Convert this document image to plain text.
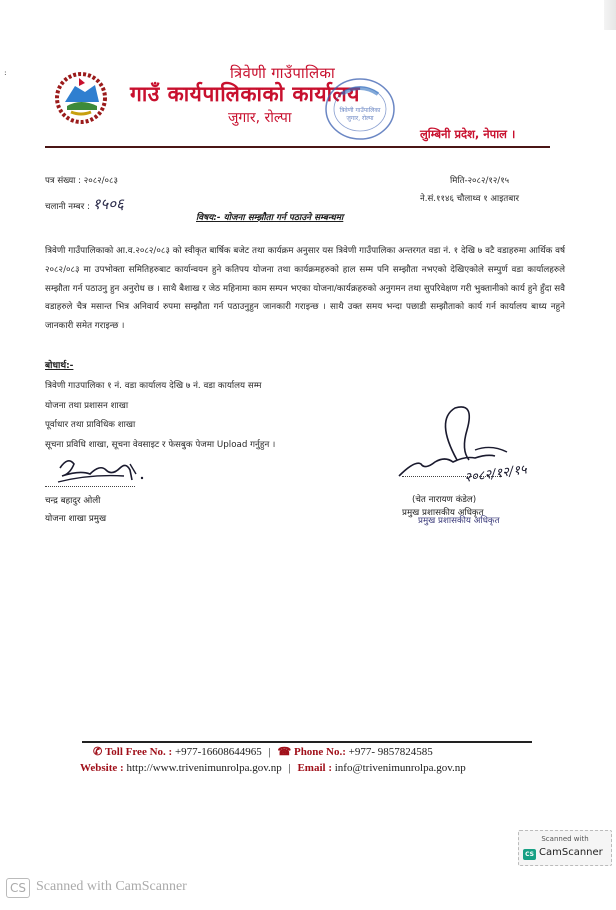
:	त्रिवेणी गाउँपालिका
गाउँ कार्यपालिकाको कार्यालय
जुगार, रोल्पा	त्रिवेणी गाउँपालिका
जुगार, रोल्पा
लुम्बिनी प्रदेश, नेपाल ।
पत्र संख्या : २०८२/०८३
चलानी नम्बर : १५०६
मिति-२०८२/१२/१५
ने.सं.११४६ चौलाथ्व १ आइतबार
विषय:- योजना सम्झौता गर्न पठाउने सम्बन्धमा
त्रिवेणी गाउँपालिकाको आ.व.२०८२/०८३ को स्वीकृत बार्षिक बजेट तथा कार्यक्रम अनुसार यस त्रिवेणी गाउँपालिका अन्तरगत वडा नं. १ देखि ७ वटै वडाहरुमा आर्थिक वर्ष २०८२/०८३ मा उपभोक्ता समितिहरुबाट कार्यान्वयन हुने कतिपय योजना तथा कार्यक्रमहरुको हाल सम्म पनि सम्झौता नभएको देखिएकोले सम्पुर्ण वडा कार्यालहरुले सम्झौता गर्न पठाउनु हुन अनुरोध छ । साथै बैशाख र जेठ महिनामा काम सम्पन भएका योजना/कार्यक्रहरुको अनुगमन तथा सुपरिवेक्षण गरी भुक्तानीको कार्य हुने हुँदा सवै वडाहरुले चैत्र मसान्त भित्र अनिवार्य रुपमा सम्झौता गर्न पठाउनुहुन जानकारी गराइन्छ । साथै उक्त समय भन्दा पछाडी सम्झौताको कार्य गर्न कार्यालय बाध्य नहुने जानकारी समेत गराइन्छ ।
बोधार्थ:-
त्रिवेणी गाउपालिका १ नं. वडा कार्यालय देखि ७ नं. वडा कार्यालय सम्म
योजना तथा प्रशासन शाखा
पूर्वाधार तथा प्राविधिक शाखा
सूचना प्रविधि शाखा, सूचना वेवसाइट र फेसबुक पेजमा Upload गर्नुहुन ।
चन्द्र बहादुर ओली
योजना शाखा प्रमुख
२०८२/१२/१५
(चेत नारायण कंडेल)
प्रमुख प्रशासकीय अधिकृत
प्रमुख प्रशासकीय अधिकृत
✆ Toll Free No. : +977-16608644965 | ☎ Phone No.: +977- 9857824585
Website : http://www.trivenimunrolpa.gov.np | Email : info@trivenimunrolpa.gov.np
Scanned with
CS CamScanner
CS Scanned with CamScanner
